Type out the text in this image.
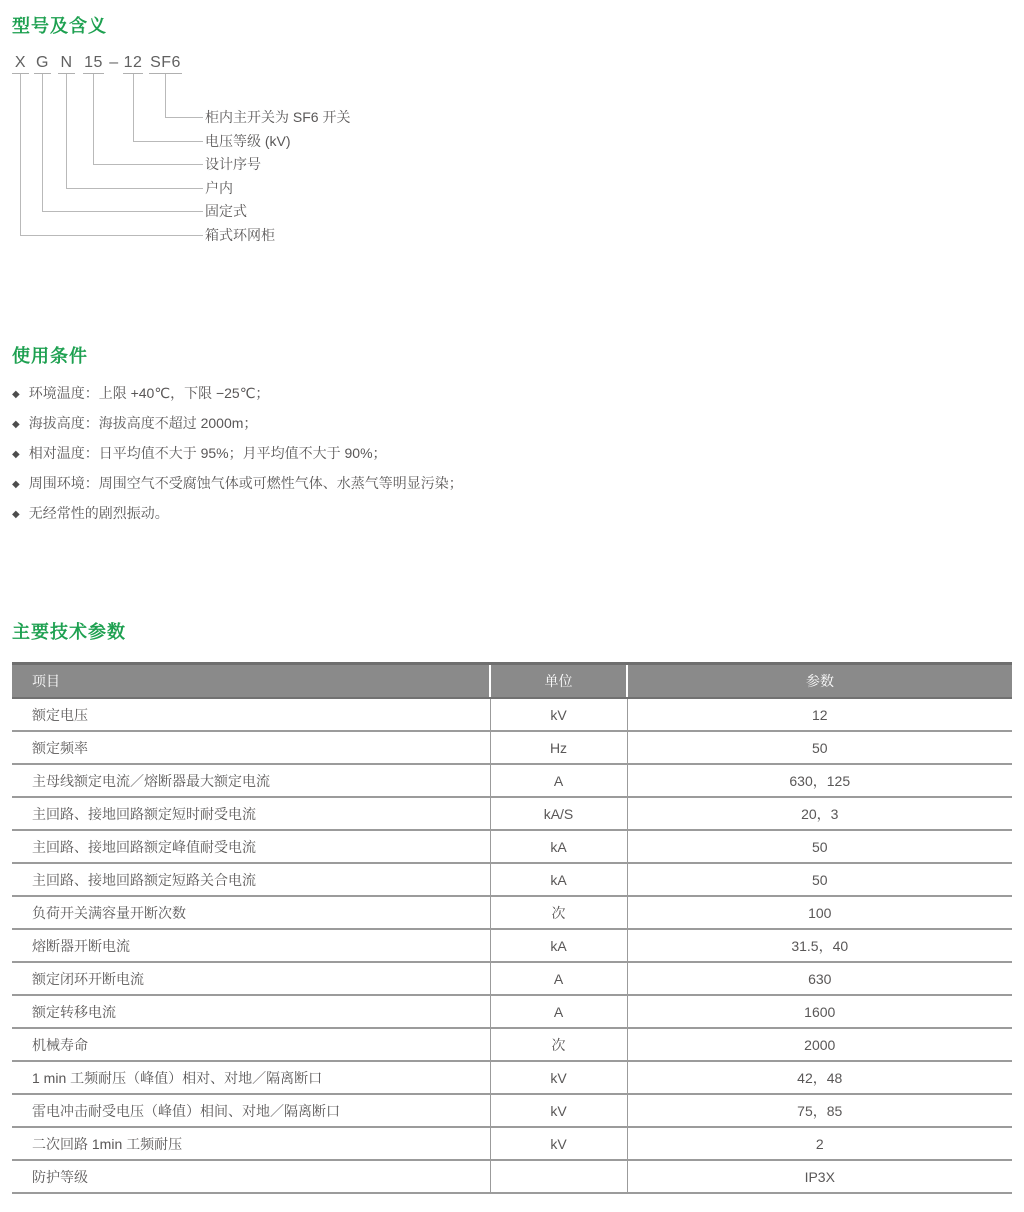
型号及含义
X G N 15 – 12 SF6
柜内主开关为 SF6 开关
电压等级 (kV)
设计序号
户内
固定式
箱式环网柜
使用条件
◆ 环境温度：上限 +40℃，下限 −25℃；
◆ 海拔高度：海拔高度不超过 2000m；
◆ 相对温度：日平均值不大于 95%；月平均值不大于 90%；
◆ 周围环境：周围空气不受腐蚀气体或可燃性气体、水蒸气等明显污染；
◆ 无经常性的剧烈振动。
主要技术参数
项目	单位	参数
额定电压	kV	12
额定频率	Hz	50
主母线额定电流／熔断器最大额定电流	A	630，125
主回路、接地回路额定短时耐受电流	kA/S	20，3
主回路、接地回路额定峰值耐受电流	kA	50
主回路、接地回路额定短路关合电流	kA	50
负荷开关满容量开断次数	次	100
熔断器开断电流	kA	31.5，40
额定闭环开断电流	A	630
额定转移电流	A	1600
机械寿命	次	2000
1 min 工频耐压（峰值）相对、对地／隔离断口	kV	42，48
雷电冲击耐受电压（峰值）相间、对地／隔离断口	kV	75，85
二次回路 1min 工频耐压	kV	2
防护等级		IP3X
